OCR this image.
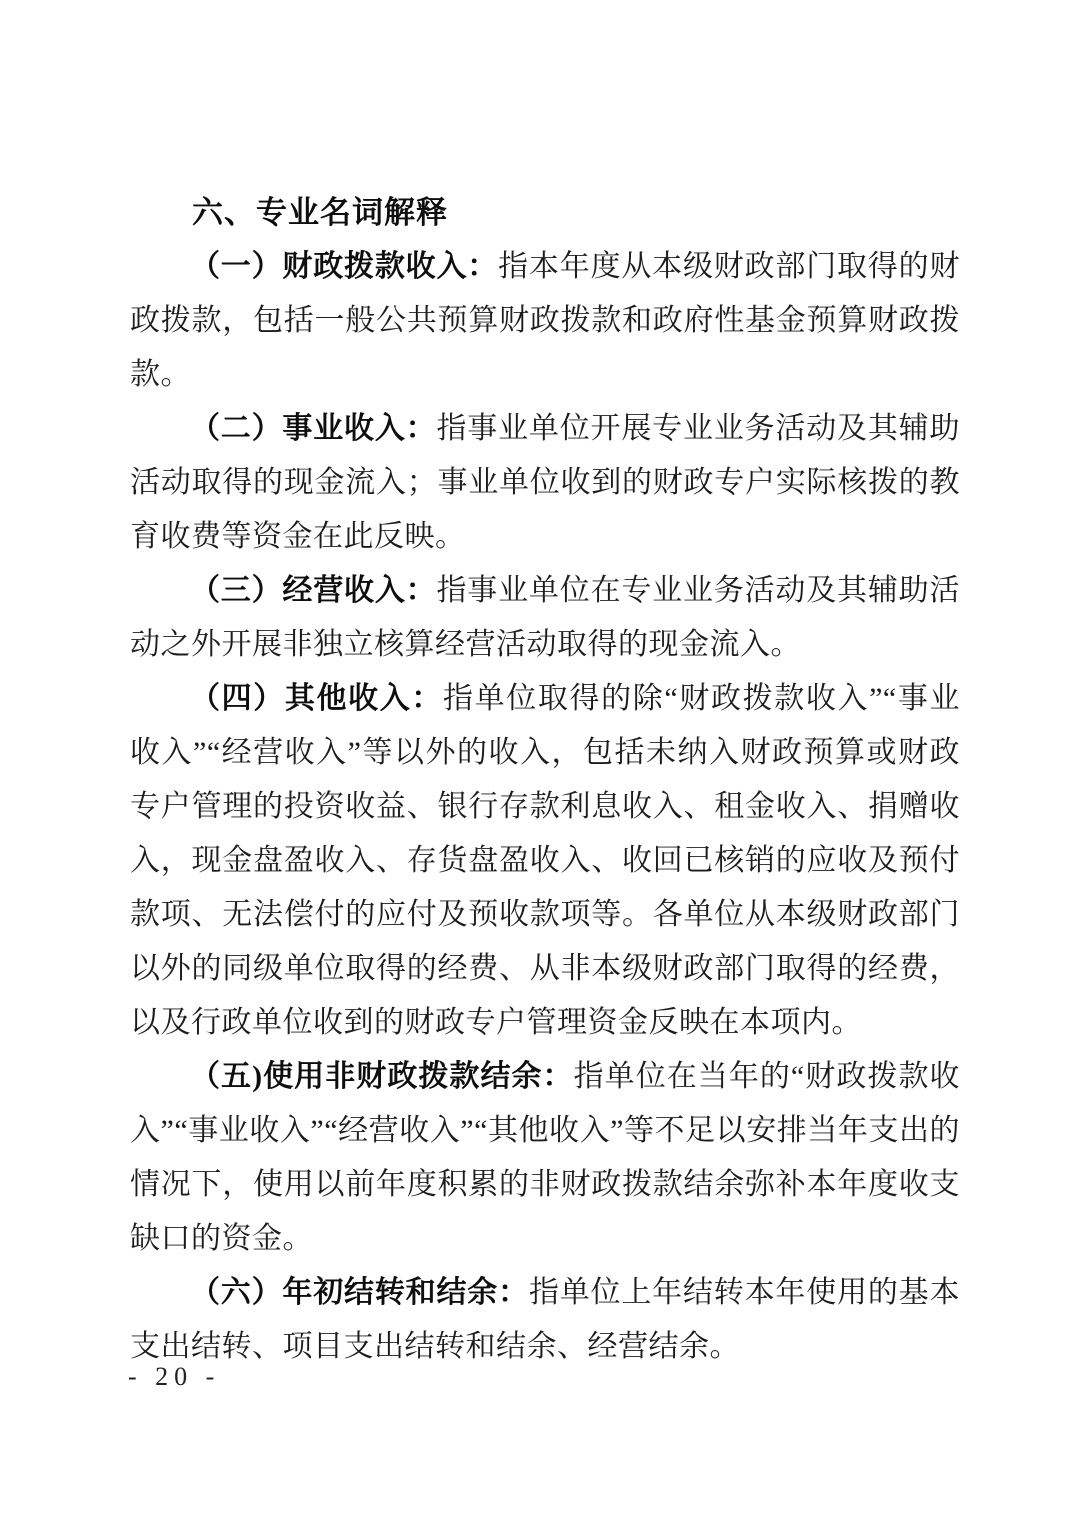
六、专业名词解释

（一）财政拨款收入：指本年度从本级财政部门取得的财政拨款，包括一般公共预算财政拨款和政府性基金预算财政拨款。

（二）事业收入：指事业单位开展专业业务活动及其辅助活动取得的现金流入；事业单位收到的财政专户实际核拨的教育收费等资金在此反映。

（三）经营收入：指事业单位在专业业务活动及其辅助活动之外开展非独立核算经营活动取得的现金流入。

（四）其他收入：指单位取得的除“财政拨款收入”“事业收入”“经营收入”等以外的收入，包括未纳入财政预算或财政专户管理的投资收益、银行存款利息收入、租金收入、捐赠收入，现金盘盈收入、存货盘盈收入、收回已核销的应收及预付款项、无法偿付的应付及预收款项等。各单位从本级财政部门以外的同级单位取得的经费、从非本级财政部门取得的经费，以及行政单位收到的财政专户管理资金反映在本项内。

（五)使用非财政拨款结余：指单位在当年的“财政拨款收入”“事业收入”“经营收入”“其他收入”等不足以安排当年支出的情况下，使用以前年度积累的非财政拨款结余弥补本年度收支缺口的资金。

（六）年初结转和结余：指单位上年结转本年使用的基本支出结转、项目支出结转和结余、经营结余。

- 20 -
